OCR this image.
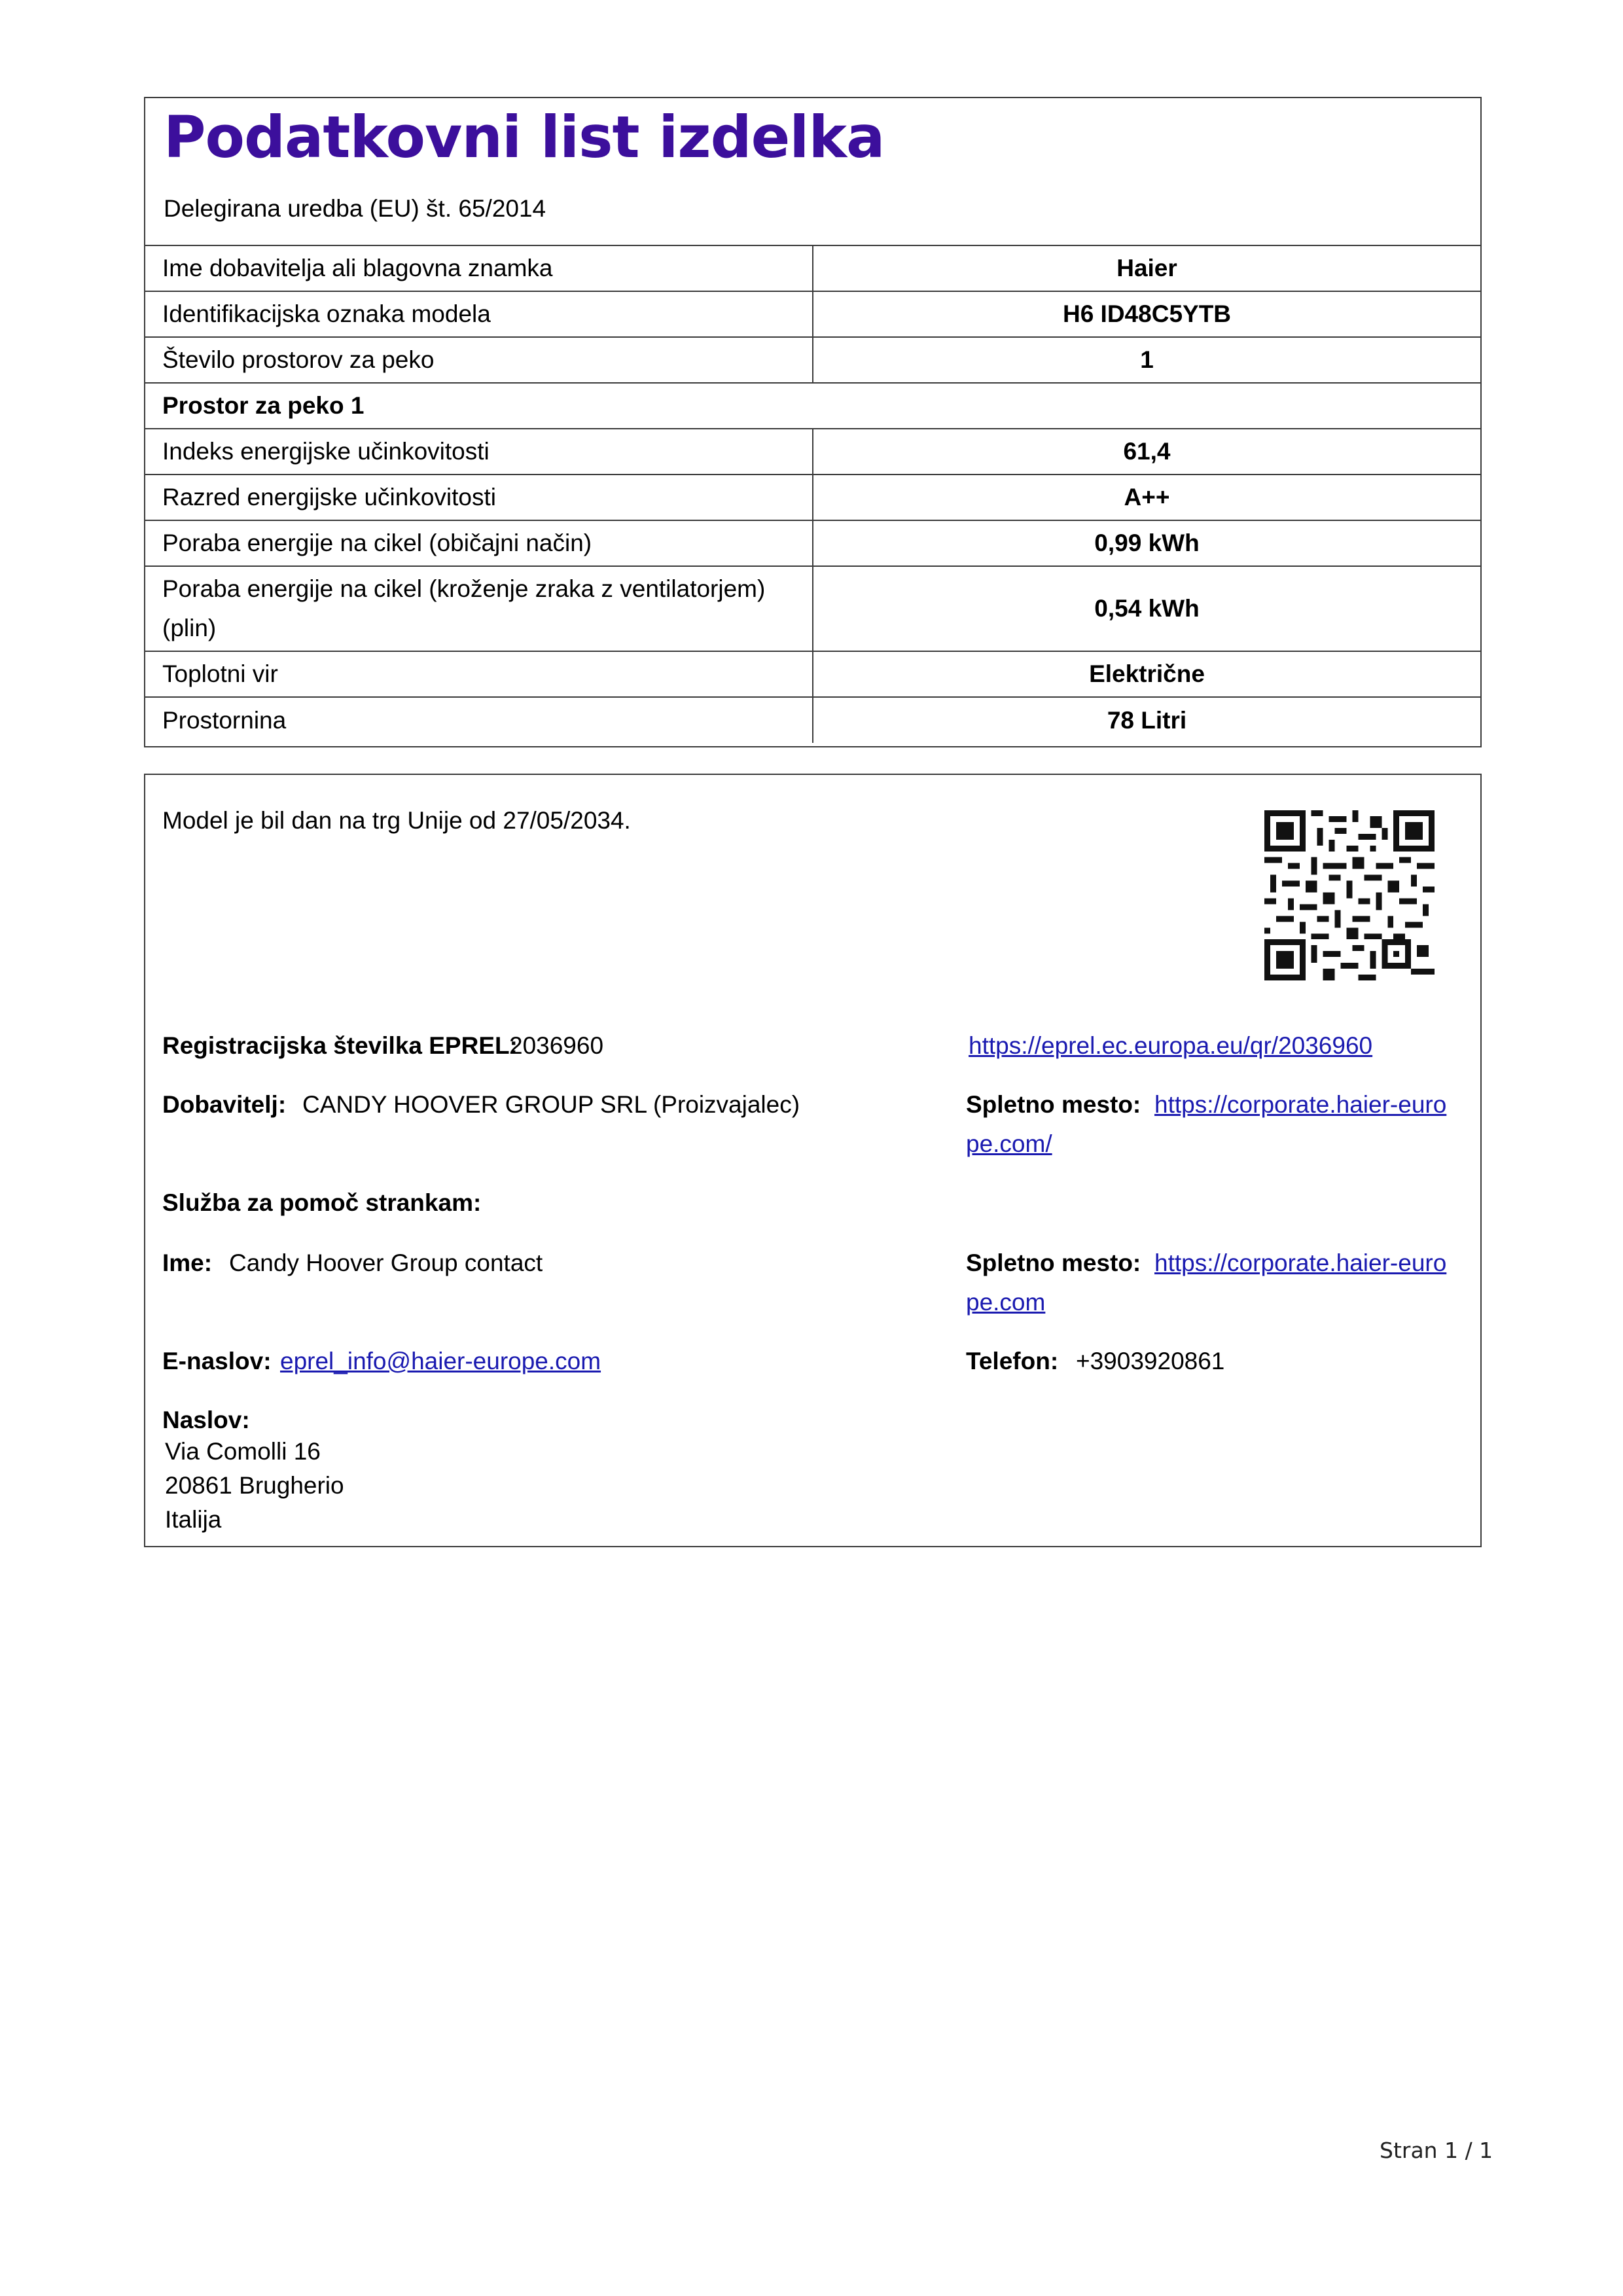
Podatkovni list izdelka
Delegirana uredba (EU) št. 65/2014
Ime dobavitelja ali blagovna znamka	Haier
Identifikacijska oznaka modela	H6 ID48C5YTB
Število prostorov za peko	1
Prostor za peko 1	
Indeks energijske učinkovitosti	61,4
Razred energijske učinkovitosti	A++
Poraba energije na cikel (običajni način)	0,99 kWh

Poraba energije na cikel (kroženje zraka z ventilatorjem)
(plin)	0,54 kWh
Toplotni vir	Električne
Prostornina	78 Litri
Model je bil dan na trg Unije od 27/05/2034.
Registracijska številka EPREL:
2036960	https://eprel.ec.europa.eu/qr/2036960
Dobavitelj: CANDY HOOVER GROUP SRL (Proizvajalec)	Spletno mesto: https://corporate.haier-euro
pe.com/
Služba za pomoč strankam:
Ime: Candy Hoover Group contact	Spletno mesto: https://corporate.haier-euro
pe.com
E-naslov: eprel_info@haier-europe.com	Telefon: +3903920861
Naslov:
Via Comolli 16
20861 Brugherio
Italija
Stran 1 / 1
